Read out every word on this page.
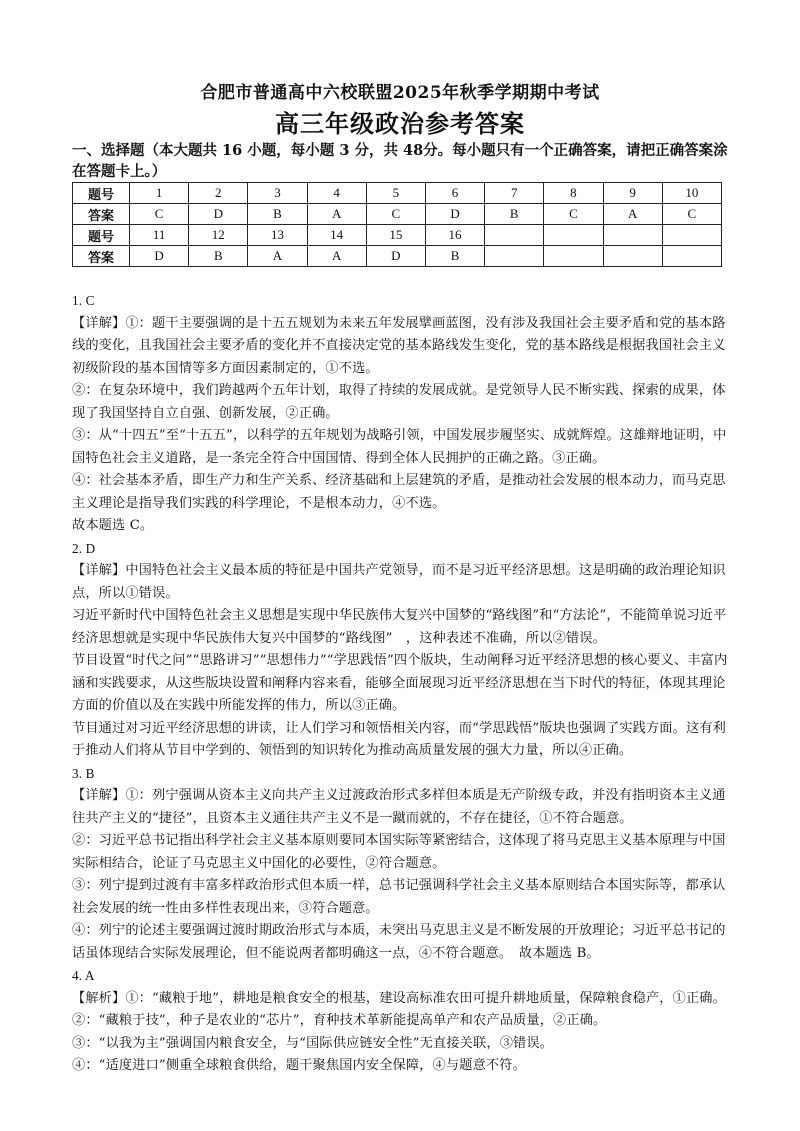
合肥市普通高中六校联盟2025年秋季学期期中考试
高三年级政治参考答案
一、选择题（本大题共 16 小题，每小题 3 分，共 48分。每小题只有一个正确答案，请把正确答案涂在答题卡上。）
题号	1	2	3	4	5	6	7	8	9	10
答案	C	D	B	A	C	D	B	C	A	C
题号	11	12	13	14	15	16				
答案	D	B	A	A	D	B				

1. C

【详解】①：题干主要强调的是十五五规划为未来五年发展擘画蓝图，没有涉及我国社会主要矛盾和党的基本路线的变化，且我国社会主要矛盾的变化并不直接决定党的基本路线发生变化，党的基本路线是根据我国社会主义初级阶段的基本国情等多方面因素制定的，①不选。

②：在复杂环境中，我们跨越两个五年计划，取得了持续的发展成就。是党领导人民不断实践、探索的成果，体现了我国坚持自立自强、创新发展，②正确。

③：从“十四五”至“十五五”，以科学的五年规划为战略引领，中国发展步履坚实、成就辉煌。这雄辩地证明，中国特色社会主义道路，是一条完全符合中国国情、得到全体人民拥护的正确之路。③正确。

④：社会基本矛盾，即生产力和生产关系、经济基础和上层建筑的矛盾，是推动社会发展的根本动力，而马克思主义理论是指导我们实践的科学理论，不是根本动力，④不选。

故本题选 C。

2. D

【详解】中国特色社会主义最本质的特征是中国共产党领导，而不是习近平经济思想。这是明确的政治理论知识点，所以①错误。

习近平新时代中国特色社会主义思想是实现中华民族伟大复兴中国梦的“路线图”和“方法论”，不能简单说习近平经济思想就是实现中华民族伟大复兴中国梦的“路线图”　，这种表述不准确，所以②错误。

节目设置“时代之问”“思路讲习”“思想伟力”“学思践悟”四个版块，生动阐释习近平经济思想的核心要义、丰富内涵和实践要求，从这些版块设置和阐释内容来看，能够全面展现习近平经济思想在当下时代的特征，体现其理论方面的价值以及在实践中所能发挥的伟力，所以③正确。

节目通过对习近平经济思想的讲读，让人们学习和领悟相关内容，而“学思践悟”版块也强调了实践方面。这有利于推动人们将从节目中学到的、领悟到的知识转化为推动高质量发展的强大力量，所以④正确。

3. B

【详解】①：列宁强调从资本主义向共产主义过渡政治形式多样但本质是无产阶级专政，并没有指明资本主义通往共产主义的“捷径”，且资本主义通往共产主义不是一蹴而就的，不存在捷径，①不符合题意。

②：习近平总书记指出科学社会主义基本原则要同本国实际等紧密结合，这体现了将马克思主义基本原理与中国实际相结合，论证了马克思主义中国化的必要性，②符合题意。

③：列宁提到过渡有丰富多样政治形式但本质一样，总书记强调科学社会主义基本原则结合本国实际等，都承认社会发展的统一性由多样性表现出来，③符合题意。

④：列宁的论述主要强调过渡时期政治形式与本质，未突出马克思主义是不断发展的开放理论；习近平总书记的话虽体现结合实际发展理论，但不能说两者都明确这一点，④不符合题意。　故本题选 B。

4. A

【解析】①：“藏粮于地”，耕地是粮食安全的根基，建设高标准农田可提升耕地质量，保障粮食稳产，①正确。

②：“藏粮于技”，种子是农业的“芯片”，育种技术革新能提高单产和农产品质量，②正确。

③：“以我为主”强调国内粮食安全，与“国际供应链安全性”无直接关联，③错误。

④：“适度进口”侧重全球粮食供给，题干聚焦国内安全保障，④与题意不符。
